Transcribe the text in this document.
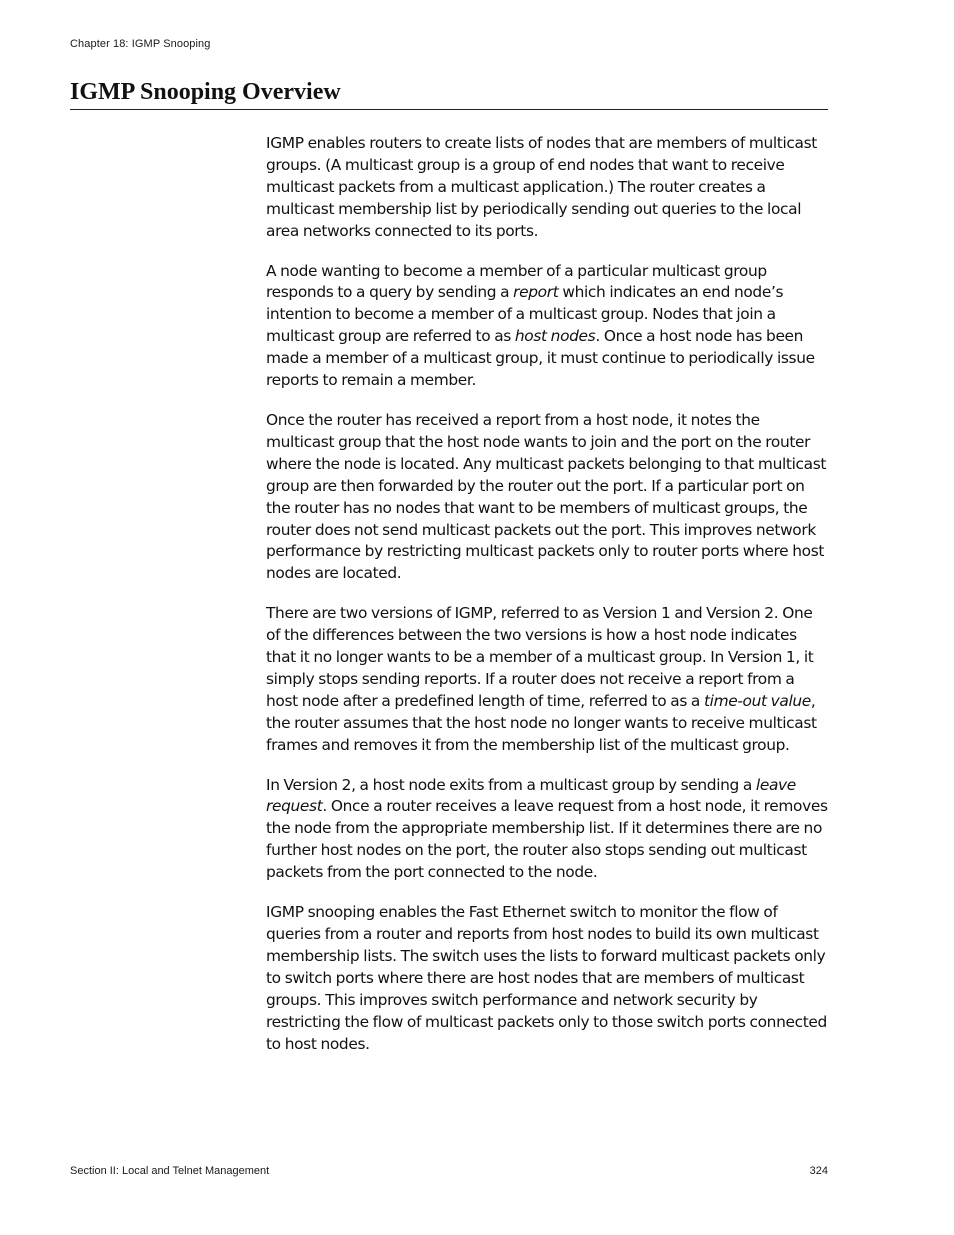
Chapter 18: IGMP Snooping
IGMP Snooping Overview

IGMP enables routers to create lists of nodes that are members of multicast groups. (A multicast group is a group of end nodes that want to receive multicast packets from a multicast application.) The router creates a multicast membership list by periodically sending out queries to the local area networks connected to its ports.

A node wanting to become a member of a particular multicast group responds to a query by sending a report which indicates an end node’s intention to become a member of a multicast group. Nodes that join a multicast group are referred to as host nodes. Once a host node has been made a member of a multicast group, it must continue to periodically issue reports to remain a member.

Once the router has received a report from a host node, it notes the multicast group that the host node wants to join and the port on the router where the node is located. Any multicast packets belonging to that multicast group are then forwarded by the router out the port. If a particular port on the router has no nodes that want to be members of multicast groups, the router does not send multicast packets out the port. This improves network performance by restricting multicast packets only to router ports where host nodes are located.

There are two versions of IGMP, referred to as Version 1 and Version 2. One of the differences between the two versions is how a host node indicates that it no longer wants to be a member of a multicast group. In Version 1, it simply stops sending reports. If a router does not receive a report from a host node after a predefined length of time, referred to as a time-out value, the router assumes that the host node no longer wants to receive multicast frames and removes it from the membership list of the multicast group.

In Version 2, a host node exits from a multicast group by sending a leave request. Once a router receives a leave request from a host node, it removes the node from the appropriate membership list. If it determines there are no further host nodes on the port, the router also stops sending out multicast packets from the port connected to the node.

IGMP snooping enables the Fast Ethernet switch to monitor the flow of queries from a router and reports from host nodes to build its own multicast membership lists. The switch uses the lists to forward multicast packets only to switch ports where there are host nodes that are members of multicast groups. This improves switch performance and network security by restricting the flow of multicast packets only to those switch ports connected to host nodes.

Section II: Local and Telnet Management	324
